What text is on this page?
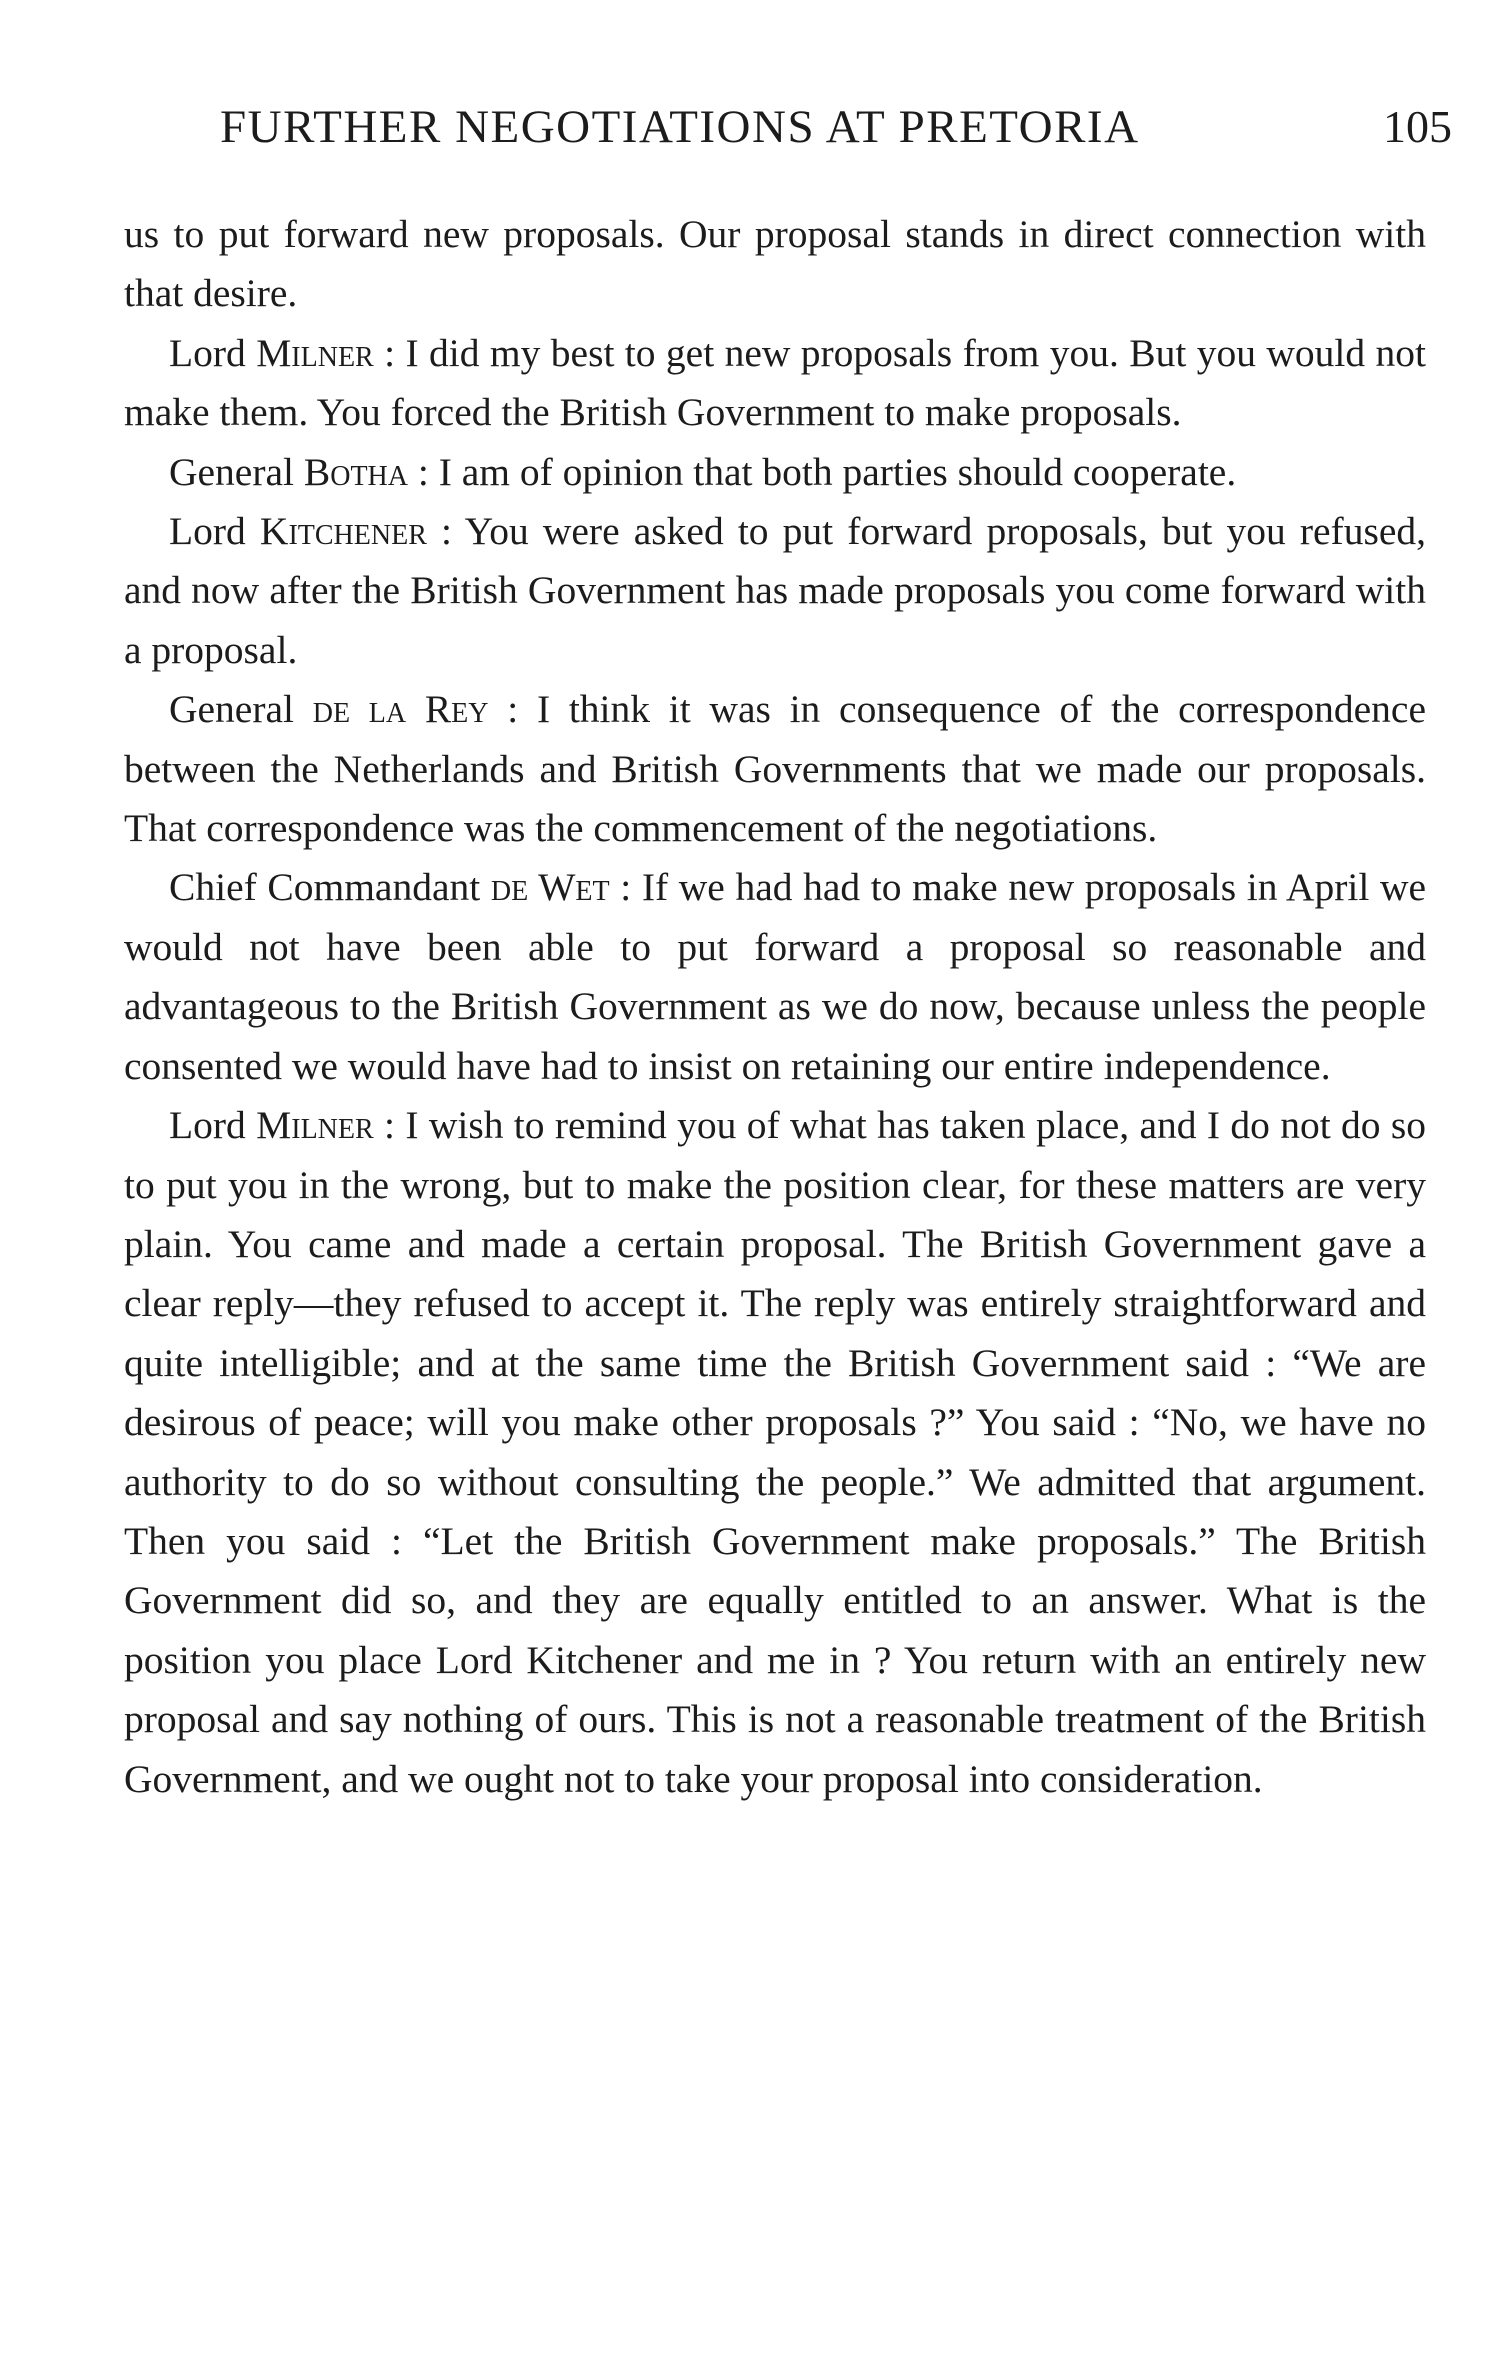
FURTHER NEGOTIATIONS AT PRETORIA	105

us to put forward new proposals. Our proposal stands in direct connection with that desire.

Lord Milner : I did my best to get new proposals from you. But you would not make them. You forced the British Government to make proposals.

General Botha : I am of opinion that both parties should cooperate.

Lord Kitchener : You were asked to put forward proposals, but you refused, and now after the British Government has made proposals you come forward with a proposal.

General de la Rey : I think it was in consequence of the correspondence between the Netherlands and British Governments that we made our proposals. That correspondence was the commencement of the negotiations.

Chief Commandant de Wet : If we had had to make new proposals in April we would not have been able to put forward a proposal so reasonable and advantageous to the British Government as we do now, because unless the people consented we would have had to insist on retaining our entire independence.

Lord Milner : I wish to remind you of what has taken place, and I do not do so to put you in the wrong, but to make the position clear, for these matters are very plain. You came and made a certain proposal. The British Government gave a clear reply—they refused to accept it. The reply was entirely straightforward and quite intelligible; and at the same time the British Government said : “We are desirous of peace; will you make other proposals ?” You said : “No, we have no authority to do so without consulting the people.” We admitted that argument. Then you said : “Let the British Government make proposals.” The British Government did so, and they are equally entitled to an answer. What is the position you place Lord Kitchener and me in ? You return with an entirely new proposal and say nothing of ours. This is not a reasonable treatment of the British Government, and we ought not to take your proposal into consideration.
